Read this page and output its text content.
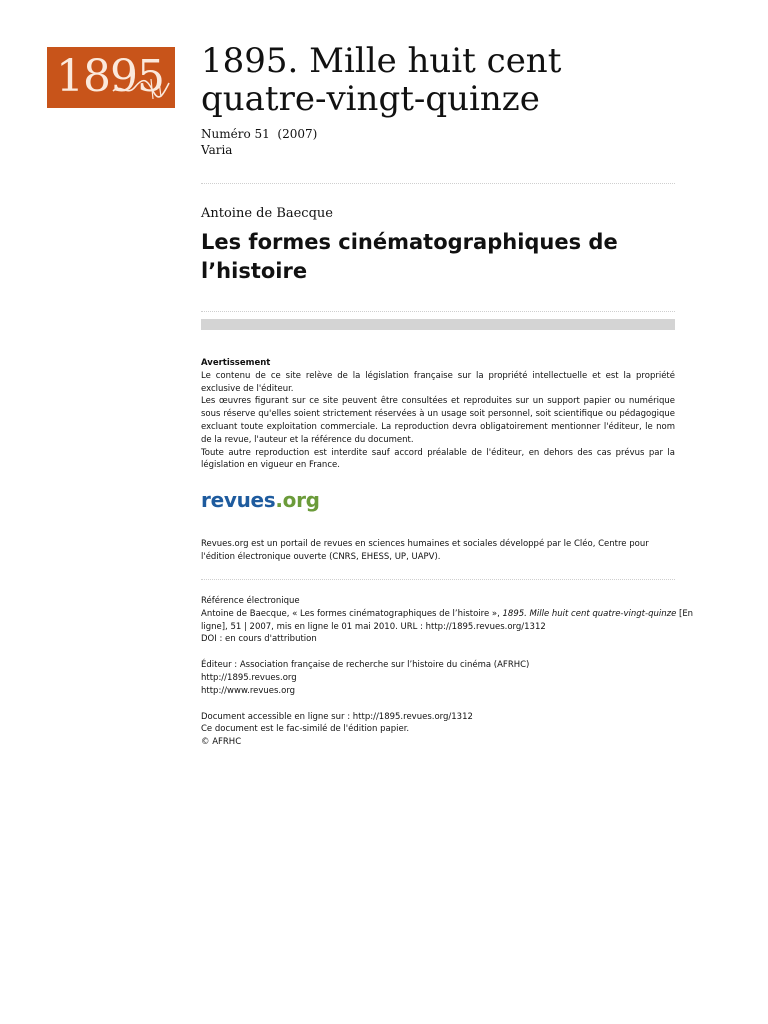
1895 1895. Mille huit cent quatre-vingt-quinze
Numéro 51  (2007)
Varia
Antoine de Baecque
Les formes cinématographiques de l’histoire
Avertissement

Le contenu de ce site relève de la législation française sur la propriété intellectuelle et est la propriété exclusive de l'éditeur.

Les œuvres figurant sur ce site peuvent être consultées et reproduites sur un support papier ou numérique sous réserve qu'elles soient strictement réservées à un usage soit personnel, soit scientifique ou pédagogique excluant toute exploitation commerciale. La reproduction devra obligatoirement mentionner l'éditeur, le nom de la revue, l'auteur et la référence du document.

Toute autre reproduction est interdite sauf accord préalable de l'éditeur, en dehors des cas prévus par la législation en vigueur en France.

revues.org
Revues.org est un portail de revues en sciences humaines et sociales développé par le Cléo, Centre pour l'édition électronique ouverte (CNRS, EHESS, UP, UAPV).
Référence électronique
Antoine de Baecque, « Les formes cinématographiques de l’histoire », 1895. Mille huit cent quatre-vingt-quinze [En
ligne], 51 | 2007, mis en ligne le 01 mai 2010. URL : http://1895.revues.org/1312
DOI : en cours d'attribution
Éditeur : Association française de recherche sur l’histoire du cinéma (AFRHC)
http://1895.revues.org
http://www.revues.org
Document accessible en ligne sur : http://1895.revues.org/1312
Ce document est le fac-similé de l'édition papier.
© AFRHC
